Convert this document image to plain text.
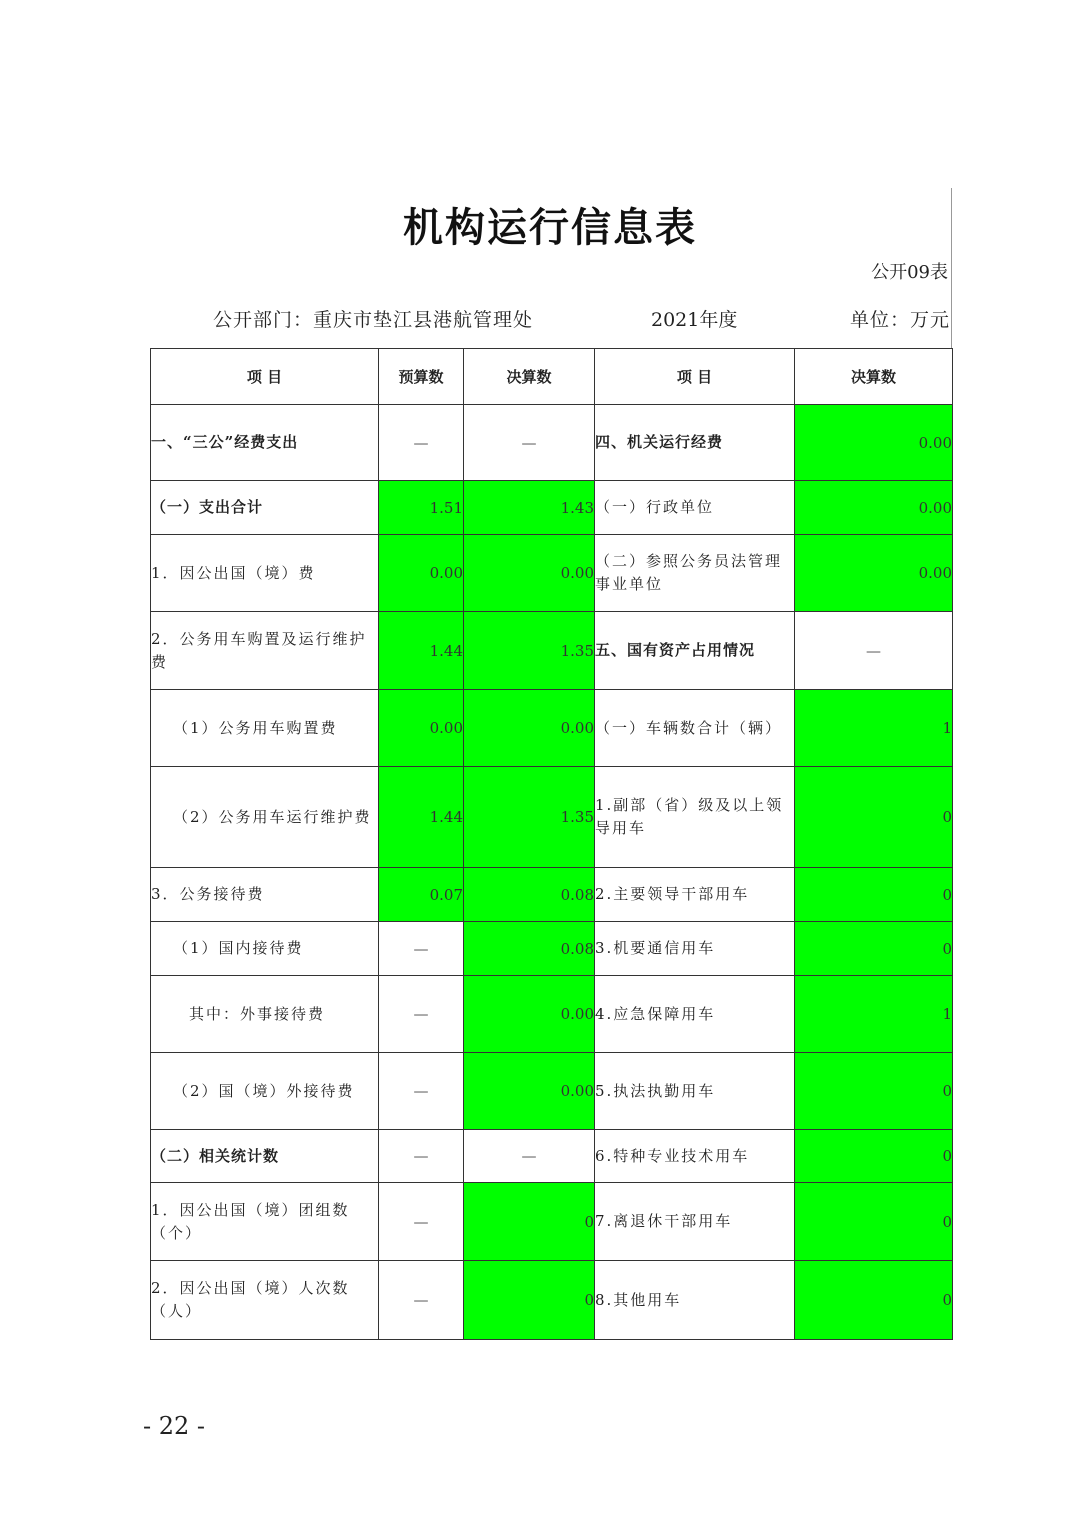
机构运行信息表
公开09表
公开部门：重庆市垫江县港航管理处	2021年度	单位：万元
项 目	预算数	决算数	项 目	决算数
一、“三公”经费支出	—	—	四、机关运行经费	0.00
（一）支出合计	1.51	1.43	（一）行政单位	0.00
1．因公出国（境）费	0.00	0.00	（二）参照公务员法管理事业单位	0.00
2．公务用车购置及运行维护费	1.44	1.35	五、国有资产占用情况	—
（1）公务用车购置费	0.00	0.00	（一）车辆数合计（辆）	1
（2）公务用车运行维护费	1.44	1.35	1.副部（省）级及以上领导用车	0
3．公务接待费	0.07	0.08	2.主要领导干部用车	0
（1）国内接待费	—	0.08	3.机要通信用车	0
其中：外事接待费	—	0.00	4.应急保障用车	1
（2）国（境）外接待费	—	0.00	5.执法执勤用车	0
（二）相关统计数	—	—	6.特种专业技术用车	0
1．因公出国（境）团组数（个）	—	0	7.离退休干部用车	0
2．因公出国（境）人次数（人）	—	0	8.其他用车	0
- 22 -
